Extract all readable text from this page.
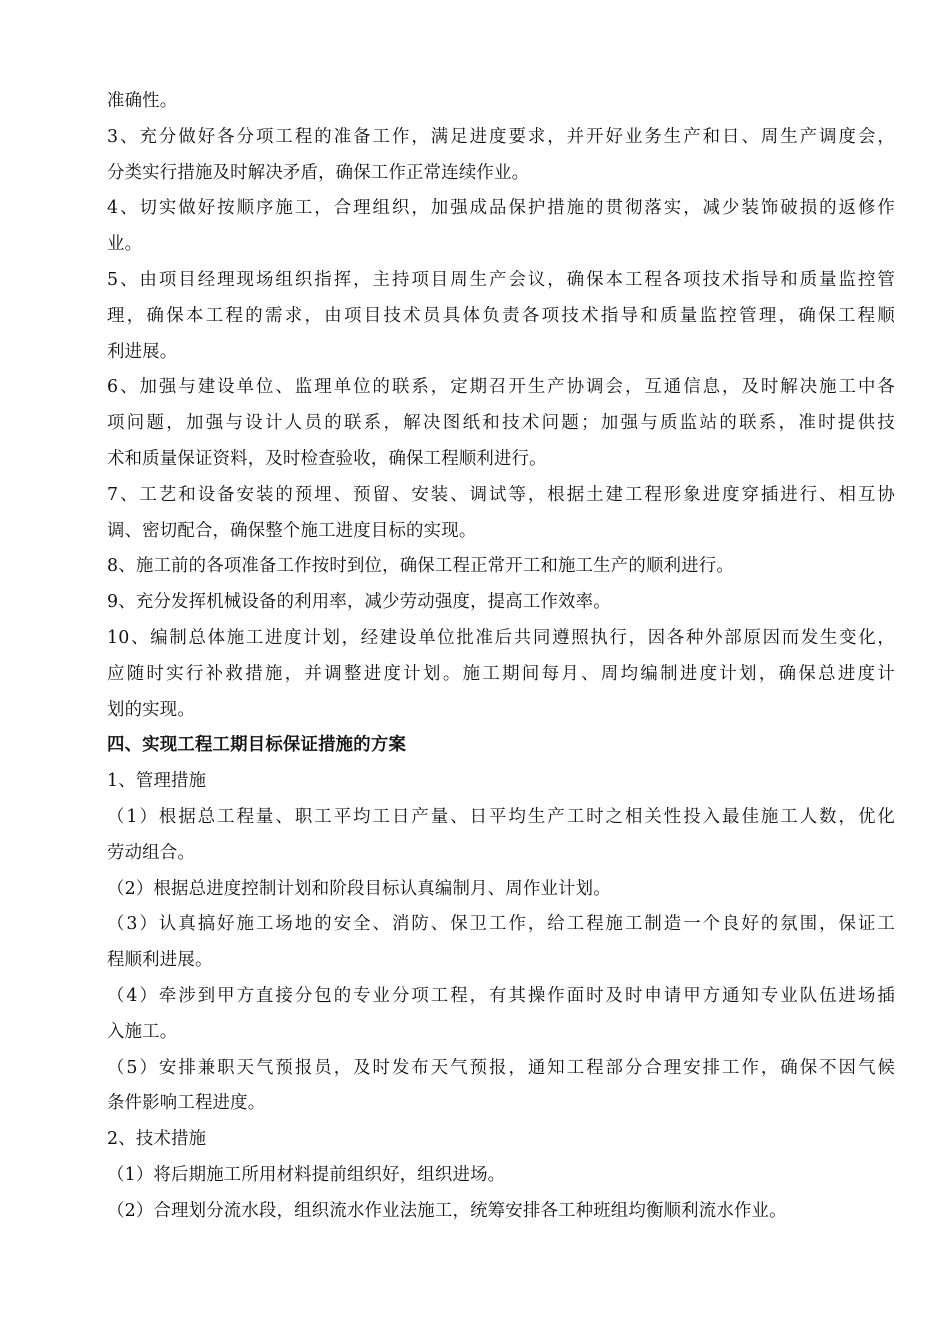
准确性。
3、充分做好各分项工程的准备工作，满足进度要求，并开好业务生产和日、周生产调度会，
分类实行措施及时解决矛盾，确保工作正常连续作业。
4、切实做好按顺序施工，合理组织，加强成品保护措施的贯彻落实，减少装饰破损的返修作
业。
5、由项目经理现场组织指挥，主持项目周生产会议，确保本工程各项技术指导和质量监控管
理，确保本工程的需求，由项目技术员具体负责各项技术指导和质量监控管理，确保工程顺
利进展。
6、加强与建设单位、监理单位的联系，定期召开生产协调会，互通信息，及时解决施工中各
项问题，加强与设计人员的联系，解决图纸和技术问题；加强与质监站的联系，准时提供技
术和质量保证资料，及时检查验收，确保工程顺利进行。
7、工艺和设备安装的预埋、预留、安装、调试等，根据土建工程形象进度穿插进行、相互协
调、密切配合，确保整个施工进度目标的实现。
8、施工前的各项准备工作按时到位，确保工程正常开工和施工生产的顺利进行。
9、充分发挥机械设备的利用率，减少劳动强度，提高工作效率。
10、编制总体施工进度计划，经建设单位批准后共同遵照执行，因各种外部原因而发生变化，
应随时实行补救措施，并调整进度计划。施工期间每月、周均编制进度计划，确保总进度计
划的实现。
四、实现工程工期目标保证措施的方案
1、管理措施
（1）根据总工程量、职工平均工日产量、日平均生产工时之相关性投入最佳施工人数，优化
劳动组合。
（2）根据总进度控制计划和阶段目标认真编制月、周作业计划。
（3）认真搞好施工场地的安全、消防、保卫工作，给工程施工制造一个良好的氛围，保证工
程顺利进展。
（4）牵涉到甲方直接分包的专业分项工程，有其操作面时及时申请甲方通知专业队伍进场插
入施工。
（5）安排兼职天气预报员，及时发布天气预报，通知工程部分合理安排工作，确保不因气候
条件影响工程进度。
2、技术措施
（1）将后期施工所用材料提前组织好，组织进场。
（2）合理划分流水段，组织流水作业法施工，统筹安排各工种班组均衡顺利流水作业。
